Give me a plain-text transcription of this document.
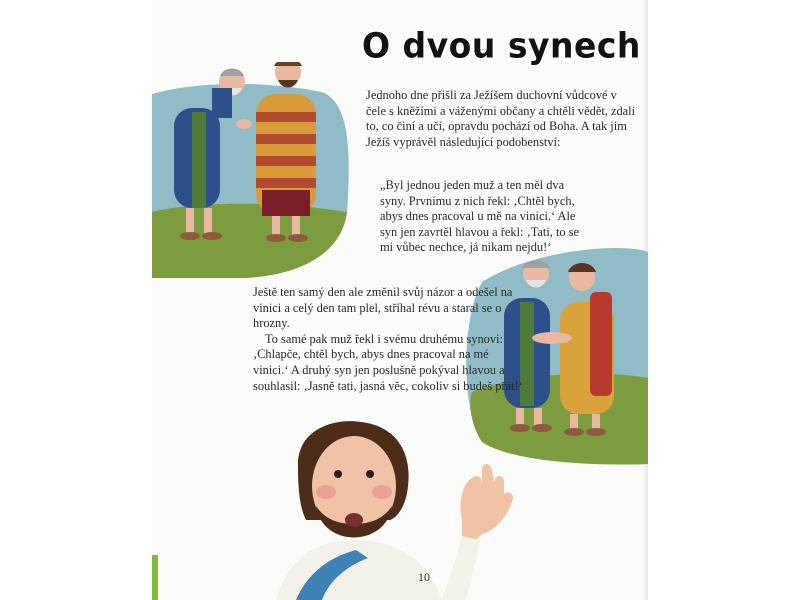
O dvou synech
Jednoho dne přišli za Ježíšem duchovní vůdcové v čele s kněžími a váženými občany a chtěli vědět, zdali to, co činí a učí, opravdu pochází od Boha. A tak jim Ježíš vyprávěl následující podobenství:
„Byl jednou jeden muž a ten měl dva syny. Prvnímu z nich řekl: ‚Chtěl bych, abys dnes pracoval u mě na vinici.‘ Ale syn jen zavrtěl hlavou a řekl: ‚Tati, to se mi vůbec nechce, já nikam nejdu!‘
Ještě ten samý den ale změnil svůj názor a odešel na vinici a celý den tam plel, stříhal révu a staral se o hrozny.
To samé pak muž řekl i svému druhému synovi: ‚Chlapče, chtěl bych, abys dnes pracoval na mé vinici.‘ A druhý syn jen poslušně pokýval hlavou a souhlasil: ‚Jasně tati, jasná věc, cokoliv si budeš přát!‘
10
